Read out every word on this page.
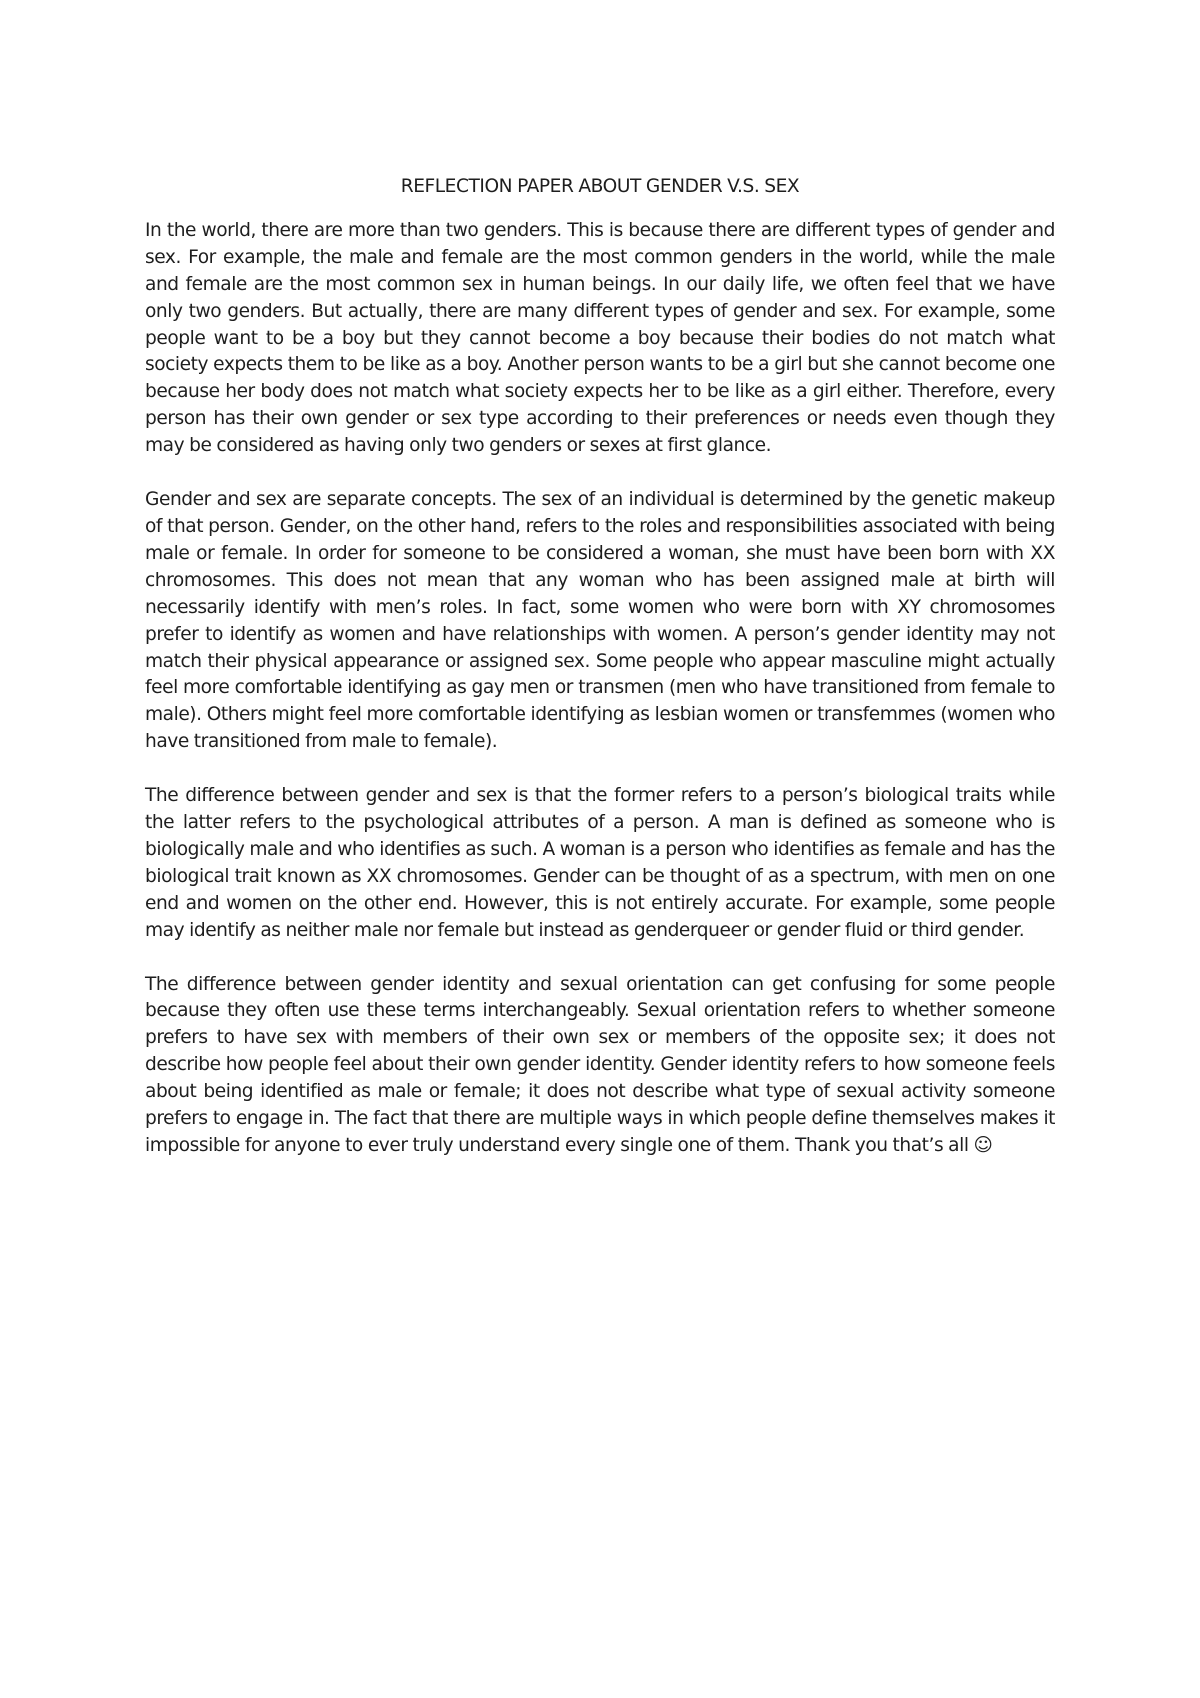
REFLECTION PAPER ABOUT GENDER V.S. SEX

In the world, there are more than two genders. This is because there are different types of gender and sex. For example, the male and female are the most common genders in the world, while the male and female are the most common sex in human beings. In our daily life, we often feel that we have only two genders. But actually, there are many different types of gender and sex. For example, some people want to be a boy but they cannot become a boy because their bodies do not match what society expects them to be like as a boy. Another person wants to be a girl but she cannot become one because her body does not match what society expects her to be like as a girl either. Therefore, every person has their own gender or sex type according to their preferences or needs even though they may be considered as having only two genders or sexes at first glance.

Gender and sex are separate concepts. The sex of an individual is determined by the genetic makeup of that person. Gender, on the other hand, refers to the roles and responsibilities associated with being male or female. In order for someone to be considered a woman, she must have been born with XX chromosomes. This does not mean that any woman who has been assigned male at birth will necessarily identify with men’s roles. In fact, some women who were born with XY chromosomes prefer to identify as women and have relationships with women. A person’s gender identity may not match their physical appearance or assigned sex. Some people who appear masculine might actually feel more comfortable identifying as gay men or transmen (men who have transitioned from female to male). Others might feel more comfortable identifying as lesbian women or transfemmes (women who have transitioned from male to female).

The difference between gender and sex is that the former refers to a person’s biological traits while the latter refers to the psychological attributes of a person. A man is defined as someone who is biologically male and who identifies as such. A woman is a person who identifies as female and has the biological trait known as XX chromosomes. Gender can be thought of as a spectrum, with men on one end and women on the other end. However, this is not entirely accurate. For example, some people may identify as neither male nor female but instead as genderqueer or gender fluid or third gender.

The difference between gender identity and sexual orientation can get confusing for some people because they often use these terms interchangeably. Sexual orientation refers to whether someone prefers to have sex with members of their own sex or members of the opposite sex; it does not describe how people feel about their own gender identity. Gender identity refers to how someone feels about being identified as male or female; it does not describe what type of sexual activity someone prefers to engage in. The fact that there are multiple ways in which people define themselves makes it impossible for anyone to ever truly understand every single one of them. Thank you that’s all ☺
